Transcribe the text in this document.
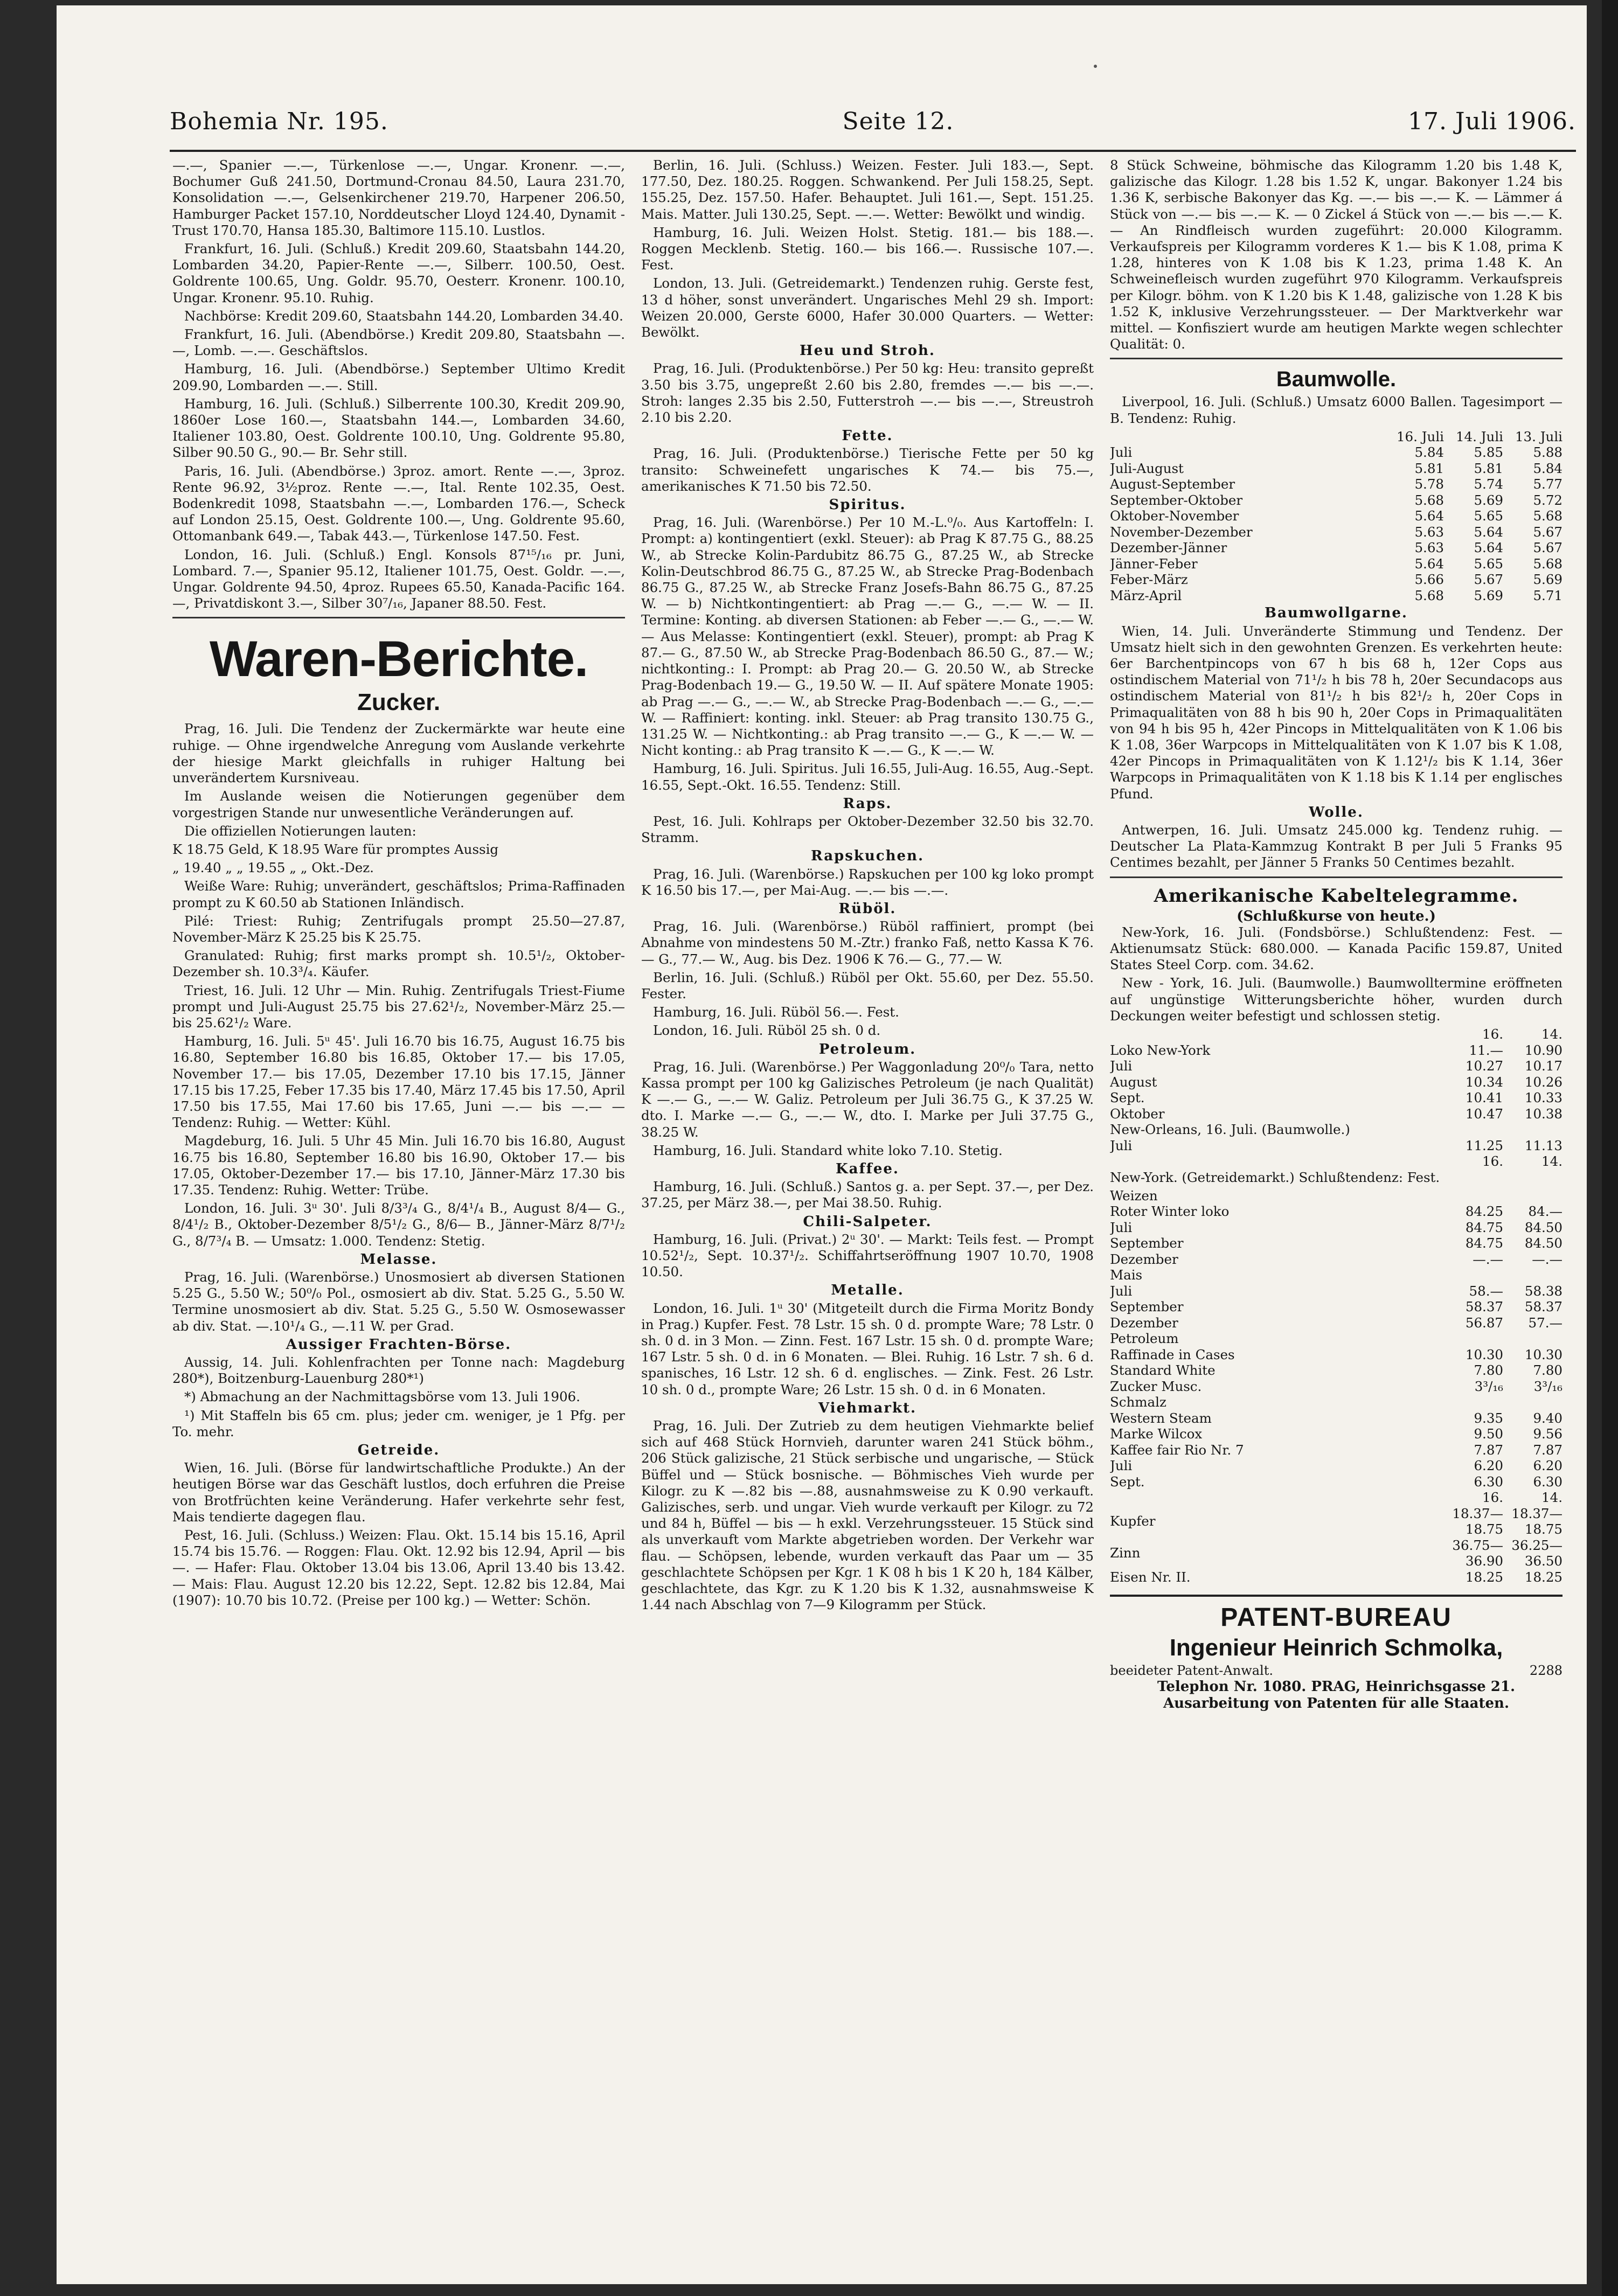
Bohemia Nr. 195.	Seite 12.	17. Juli 1906.

—.—, Spanier —.—, Türkenlose —.—, Ungar. Kronenr. —.—, Bochumer Guß 241.50, Dortmund-Cronau 84.50, Laura 231.70, Konsolidation —.—, Gelsenkirchener 219.70, Harpener 206.50, Hamburger Packet 157.10, Norddeutscher Lloyd 124.40, Dynamit - Trust 170.70, Hansa 185.30, Baltimore 115.10. Lustlos.

Frankfurt, 16. Juli. (Schluß.) Kredit 209.60, Staatsbahn 144.20, Lombarden 34.20, Papier-Rente —.—, Silberr. 100.50, Oest. Goldrente 100.65, Ung. Goldr. 95.70, Oesterr. Kronenr. 100.10, Ungar. Kronenr. 95.10. Ruhig.

Nachbörse: Kredit 209.60, Staatsbahn 144.20, Lombarden 34.40.

Frankfurt, 16. Juli. (Abendbörse.) Kredit 209.80, Staatsbahn —.—, Lomb. —.—. Geschäftslos.

Hamburg, 16. Juli. (Abendbörse.) September Ultimo Kredit 209.90, Lombarden —.—. Still.

Hamburg, 16. Juli. (Schluß.) Silberrente 100.30, Kredit 209.90, 1860er Lose 160.—, Staatsbahn 144.—, Lombarden 34.60, Italiener 103.80, Oest. Goldrente 100.10, Ung. Goldrente 95.80, Silber 90.50 G., 90.— Br. Sehr still.

Paris, 16. Juli. (Abendbörse.) 3proz. amort. Rente —.—, 3proz. Rente 96.92, 3½proz. Rente —.—, Ital. Rente 102.35, Oest. Bodenkredit 1098, Staatsbahn —.—, Lombarden 176.—, Scheck auf London 25.15, Oest. Goldrente 100.—, Ung. Goldrente 95.60, Ottomanbank 649.—, Tabak 443.—, Türkenlose 147.50. Fest.

London, 16. Juli. (Schluß.) Engl. Konsols 87¹⁵/₁₆ pr. Juni, Lombard. 7.—, Spanier 95.12, Italiener 101.75, Oest. Goldr. —.—, Ungar. Goldrente 94.50, 4proz. Rupees 65.50, Kanada-Pacific 164.—, Privatdiskont 3.—, Silber 30⁷/₁₆, Japaner 88.50. Fest.

Waren-Berichte.
Zucker.

Prag, 16. Juli. Die Tendenz der Zuckermärkte war heute eine ruhige. — Ohne irgendwelche Anregung vom Auslande verkehrte der hiesige Markt gleichfalls in ruhiger Haltung bei unverändertem Kursniveau.

Im Auslande weisen die Notierungen gegenüber dem vorgestrigen Stande nur unwesentliche Veränderungen auf.

Die offiziellen Notierungen lauten:

K 18.75 Geld, K 18.95 Ware für promptes Aussig

„ 19.40 „ „ 19.55 „ „ Okt.-Dez.

Weiße Ware: Ruhig; unverändert, geschäftslos; Prima-Raffinaden prompt zu K 60.50 ab Stationen Inländisch.

Pilé: Triest: Ruhig; Zentrifugals prompt 25.50—27.87, November-März K 25.25 bis K 25.75.

Granulated: Ruhig; first marks prompt sh. 10.5¹/₂, Oktober-Dezember sh. 10.3³/₄. Käufer.

Triest, 16. Juli. 12 Uhr — Min. Ruhig. Zentrifugals Triest-Fiume prompt und Juli-August 25.75 bis 27.62¹/₂, November-März 25.— bis 25.62¹/₂ Ware.

Hamburg, 16. Juli. 5ᵘ 45'. Juli 16.70 bis 16.75, August 16.75 bis 16.80, September 16.80 bis 16.85, Oktober 17.— bis 17.05, November 17.— bis 17.05, Dezember 17.10 bis 17.15, Jänner 17.15 bis 17.25, Feber 17.35 bis 17.40, März 17.45 bis 17.50, April 17.50 bis 17.55, Mai 17.60 bis 17.65, Juni —.— bis —.— — Tendenz: Ruhig. — Wetter: Kühl.

Magdeburg, 16. Juli. 5 Uhr 45 Min. Juli 16.70 bis 16.80, August 16.75 bis 16.80, September 16.80 bis 16.90, Oktober 17.— bis 17.05, Oktober-Dezember 17.— bis 17.10, Jänner-März 17.30 bis 17.35. Tendenz: Ruhig. Wetter: Trübe.

London, 16. Juli. 3ᵘ 30'. Juli 8/3³/₄ G., 8/4¹/₄ B., August 8/4— G., 8/4¹/₂ B., Oktober-Dezember 8/5¹/₂ G., 8/6— B., Jänner-März 8/7¹/₂ G., 8/7³/₄ B. — Umsatz: 1.000. Tendenz: Stetig.

Melasse.

Prag, 16. Juli. (Warenbörse.) Unosmosiert ab diversen Stationen 5.25 G., 5.50 W.; 50⁰/₀ Pol., osmosiert ab div. Stat. 5.25 G., 5.50 W. Termine unosmosiert ab div. Stat. 5.25 G., 5.50 W. Osmosewasser ab div. Stat. —.10¹/₄ G., —.11 W. per Grad.

Aussiger Frachten-Börse.

Aussig, 14. Juli. Kohlenfrachten per Tonne nach: Magdeburg 280*), Boitzenburg-Lauenburg 280*¹)

*) Abmachung an der Nachmittagsbörse vom 13. Juli 1906.

¹) Mit Staffeln bis 65 cm. plus; jeder cm. weniger, je 1 Pfg. per To. mehr.

Getreide.

Wien, 16. Juli. (Börse für landwirtschaftliche Produkte.) An der heutigen Börse war das Geschäft lustlos, doch erfuhren die Preise von Brotfrüchten keine Veränderung. Hafer verkehrte sehr fest, Mais tendierte dagegen flau.

Pest, 16. Juli. (Schluss.) Weizen: Flau. Okt. 15.14 bis 15.16, April 15.74 bis 15.76. — Roggen: Flau. Okt. 12.92 bis 12.94, April — bis —. — Hafer: Flau. Oktober 13.04 bis 13.06, April 13.40 bis 13.42. — Mais: Flau. August 12.20 bis 12.22, Sept. 12.82 bis 12.84, Mai (1907): 10.70 bis 10.72. (Preise per 100 kg.) — Wetter: Schön.

Berlin, 16. Juli. (Schluss.) Weizen. Fester. Juli 183.—, Sept. 177.50, Dez. 180.25. Roggen. Schwankend. Per Juli 158.25, Sept. 155.25, Dez. 157.50. Hafer. Behauptet. Juli 161.—, Sept. 151.25. Mais. Matter. Juli 130.25, Sept. —.—. Wetter: Bewölkt und windig.

Hamburg, 16. Juli. Weizen Holst. Stetig. 181.— bis 188.—. Roggen Mecklenb. Stetig. 160.— bis 166.—. Russische 107.—. Fest.

London, 13. Juli. (Getreidemarkt.) Tendenzen ruhig. Gerste fest, 13 d höher, sonst unverändert. Ungarisches Mehl 29 sh. Import: Weizen 20.000, Gerste 6000, Hafer 30.000 Quarters. — Wetter: Bewölkt.

Heu und Stroh.

Prag, 16. Juli. (Produktenbörse.) Per 50 kg: Heu: transito gepreßt 3.50 bis 3.75, ungepreßt 2.60 bis 2.80, fremdes —.— bis —.—. Stroh: langes 2.35 bis 2.50, Futterstroh —.— bis —.—, Streustroh 2.10 bis 2.20.

Fette.

Prag, 16. Juli. (Produktenbörse.) Tierische Fette per 50 kg transito: Schweinefett ungarisches K 74.— bis 75.—, amerikanisches K 71.50 bis 72.50.

Spiritus.

Prag, 16. Juli. (Warenbörse.) Per 10 M.-L.⁰/₀. Aus Kartoffeln: I. Prompt: a) kontingentiert (exkl. Steuer): ab Prag K 87.75 G., 88.25 W., ab Strecke Kolin-Pardubitz 86.75 G., 87.25 W., ab Strecke Kolin-Deutschbrod 86.75 G., 87.25 W., ab Strecke Prag-Bodenbach 86.75 G., 87.25 W., ab Strecke Franz Josefs-Bahn 86.75 G., 87.25 W. — b) Nichtkontingentiert: ab Prag —.— G., —.— W. — II. Termine: Konting. ab diversen Stationen: ab Feber —.— G., —.— W. — Aus Melasse: Kontingentiert (exkl. Steuer), prompt: ab Prag K 87.— G., 87.50 W., ab Strecke Prag-Bodenbach 86.50 G., 87.— W.; nichtkonting.: I. Prompt: ab Prag 20.— G. 20.50 W., ab Strecke Prag-Bodenbach 19.— G., 19.50 W. — II. Auf spätere Monate 1905: ab Prag —.— G., —.— W., ab Strecke Prag-Bodenbach —.— G., —.— W. — Raffiniert: konting. inkl. Steuer: ab Prag transito 130.75 G., 131.25 W. — Nichtkonting.: ab Prag transito —.— G., K —.— W. — Nicht konting.: ab Prag transito K —.— G., K —.— W.

Hamburg, 16. Juli. Spiritus. Juli 16.55, Juli-Aug. 16.55, Aug.-Sept. 16.55, Sept.-Okt. 16.55. Tendenz: Still.

Raps.

Pest, 16. Juli. Kohlraps per Oktober-Dezember 32.50 bis 32.70. Stramm.

Rapskuchen.

Prag, 16. Juli. (Warenbörse.) Rapskuchen per 100 kg loko prompt K 16.50 bis 17.—, per Mai-Aug. —.— bis —.—.

Rüböl.

Prag, 16. Juli. (Warenbörse.) Rüböl raffiniert, prompt (bei Abnahme von mindestens 50 M.-Ztr.) franko Faß, netto Kassa K 76.— G., 77.— W., Aug. bis Dez. 1906 K 76.— G., 77.— W.

Berlin, 16. Juli. (Schluß.) Rüböl per Okt. 55.60, per Dez. 55.50. Fester.

Hamburg, 16. Juli. Rüböl 56.—. Fest.

London, 16. Juli. Rüböl 25 sh. 0 d.

Petroleum.

Prag, 16. Juli. (Warenbörse.) Per Waggonladung 20⁰/₀ Tara, netto Kassa prompt per 100 kg Galizisches Petroleum (je nach Qualität) K —.— G., —.— W. Galiz. Petroleum per Juli 36.75 G., K 37.25 W. dto. I. Marke —.— G., —.— W., dto. I. Marke per Juli 37.75 G., 38.25 W.

Hamburg, 16. Juli. Standard white loko 7.10. Stetig.

Kaffee.

Hamburg, 16. Juli. (Schluß.) Santos g. a. per Sept. 37.—, per Dez. 37.25, per März 38.—, per Mai 38.50. Ruhig.

Chili-Salpeter.

Hamburg, 16. Juli. (Privat.) 2ᵘ 30'. — Markt: Teils fest. — Prompt 10.52¹/₂, Sept. 10.37¹/₂. Schiffahrtseröffnung 1907 10.70, 1908 10.50.

Metalle.

London, 16. Juli. 1ᵘ 30' (Mitgeteilt durch die Firma Moritz Bondy in Prag.) Kupfer. Fest. 78 Lstr. 15 sh. 0 d. prompte Ware; 78 Lstr. 0 sh. 0 d. in 3 Mon. — Zinn. Fest. 167 Lstr. 15 sh. 0 d. prompte Ware; 167 Lstr. 5 sh. 0 d. in 6 Monaten. — Blei. Ruhig. 16 Lstr. 7 sh. 6 d. spanisches, 16 Lstr. 12 sh. 6 d. englisches. — Zink. Fest. 26 Lstr. 10 sh. 0 d., prompte Ware; 26 Lstr. 15 sh. 0 d. in 6 Monaten.

Viehmarkt.

Prag, 16. Juli. Der Zutrieb zu dem heutigen Viehmarkte belief sich auf 468 Stück Hornvieh, darunter waren 241 Stück böhm., 206 Stück galizische, 21 Stück serbische und ungarische, — Stück Büffel und — Stück bosnische. — Böhmisches Vieh wurde per Kilogr. zu K —.82 bis —.88, ausnahmsweise zu K 0.90 verkauft. Galizisches, serb. und ungar. Vieh wurde verkauft per Kilogr. zu 72 und 84 h, Büffel — bis — h exkl. Verzehrungssteuer. 15 Stück sind als unverkauft vom Markte abgetrieben worden. Der Verkehr war flau. — Schöpsen, lebende, wurden verkauft das Paar um — 35 geschlachtete Schöpsen per Kgr. 1 K 08 h bis 1 K 20 h, 184 Kälber, geschlachtete, das Kgr. zu K 1.20 bis K 1.32, ausnahmsweise K 1.44 nach Abschlag von 7—9 Kilogramm per Stück.

8 Stück Schweine, böhmische das Kilogramm 1.20 bis 1.48 K, galizische das Kilogr. 1.28 bis 1.52 K, ungar. Bakonyer 1.24 bis 1.36 K, serbische Bakonyer das Kg. —.— bis —.— K. — Lämmer á Stück von —.— bis —.— K. — 0 Zickel á Stück von —.— bis —.— K. — An Rindfleisch wurden zugeführt: 20.000 Kilogramm. Verkaufspreis per Kilogramm vorderes K 1.— bis K 1.08, prima K 1.28, hinteres von K 1.08 bis K 1.23, prima 1.48 K. An Schweinefleisch wurden zugeführt 970 Kilogramm. Verkaufspreis per Kilogr. böhm. von K 1.20 bis K 1.48, galizische von 1.28 K bis 1.52 K, inklusive Verzehrungssteuer. — Der Marktverkehr war mittel. — Konfisziert wurde am heutigen Markte wegen schlechter Qualität: 0.

Baumwolle.

Liverpool, 16. Juli. (Schluß.) Umsatz 6000 Ballen. Tagesimport — B. Tendenz: Ruhig.

	16. Juli	14. Juli	13. Juli
Juli	5.84	5.85	5.88
Juli-August	5.81	5.81	5.84
August-September	5.78	5.74	5.77
September-Oktober	5.68	5.69	5.72
Oktober-November	5.64	5.65	5.68
November-Dezember	5.63	5.64	5.67
Dezember-Jänner	5.63	5.64	5.67
Jänner-Feber	5.64	5.65	5.68
Feber-März	5.66	5.67	5.69
März-April	5.68	5.69	5.71
Baumwollgarne.

Wien, 14. Juli. Unveränderte Stimmung und Tendenz. Der Umsatz hielt sich in den gewohnten Grenzen. Es verkehrten heute: 6er Barchentpincops von 67 h bis 68 h, 12er Cops aus ostindischem Material von 71¹/₂ h bis 78 h, 20er Secundacops aus ostindischem Material von 81¹/₂ h bis 82¹/₂ h, 20er Cops in Primaqualitäten von 88 h bis 90 h, 20er Cops in Primaqualitäten von 94 h bis 95 h, 42er Pincops in Mittelqualitäten von K 1.06 bis K 1.08, 36er Warpcops in Mittelqualitäten von K 1.07 bis K 1.08, 42er Pincops in Primaqualitäten von K 1.12¹/₂ bis K 1.14, 36er Warpcops in Primaqualitäten von K 1.18 bis K 1.14 per englisches Pfund.

Wolle.

Antwerpen, 16. Juli. Umsatz 245.000 kg. Tendenz ruhig. — Deutscher La Plata-Kammzug Kontrakt B per Juli 5 Franks 95 Centimes bezahlt, per Jänner 5 Franks 50 Centimes bezahlt.

Amerikanische Kabeltelegramme.
(Schlußkurse von heute.)

New-York, 16. Juli. (Fondsbörse.) Schlußtendenz: Fest. — Aktienumsatz Stück: 680.000. — Kanada Pacific 159.87, United States Steel Corp. com. 34.62.

New - York, 16. Juli. (Baumwolle.) Baumwolltermine eröffneten auf ungünstige Witterungsberichte höher, wurden durch Deckungen weiter befestigt und schlossen stetig.

	16.	14.
Loko New-York	11.—	10.90
Juli	10.27	10.17
August	10.34	10.26
Sept.	10.41	10.33
Oktober	10.47	10.38
New-Orleans, 16. Juli. (Baumwolle.)		
Juli	11.25	11.13
	16.	14.

New-York. (Getreidemarkt.) Schlußtendenz: Fest.

Weizen		
Roter Winter loko	84.25	84.—
Juli	84.75	84.50
September	84.75	84.50
Dezember	—.—	—.—
Mais		
Juli	58.—	58.38
September	58.37	58.37
Dezember	56.87	57.—
Petroleum		
Raffinade in Cases	10.30	10.30
Standard White	7.80	7.80
Zucker Musc.	3³/₁₆	3³/₁₆
Schmalz		
Western Steam	9.35	9.40
Marke Wilcox	9.50	9.56
Kaffee fair Rio Nr. 7	7.87	7.87
Juli	6.20	6.20
Sept.	6.30	6.30
	16.	14.
Kupfer	18.37—18.75	18.37—18.75
Zinn	36.75—36.90	36.25—36.50
Eisen Nr. II.	18.25	18.25
PATENT-BUREAU
Ingenieur Heinrich Schmolka,
beeideter Patent-Anwalt.	2288
Telephon Nr. 1080. PRAG, Heinrichsgasse 21.
Ausarbeitung von Patenten für alle Staaten.
